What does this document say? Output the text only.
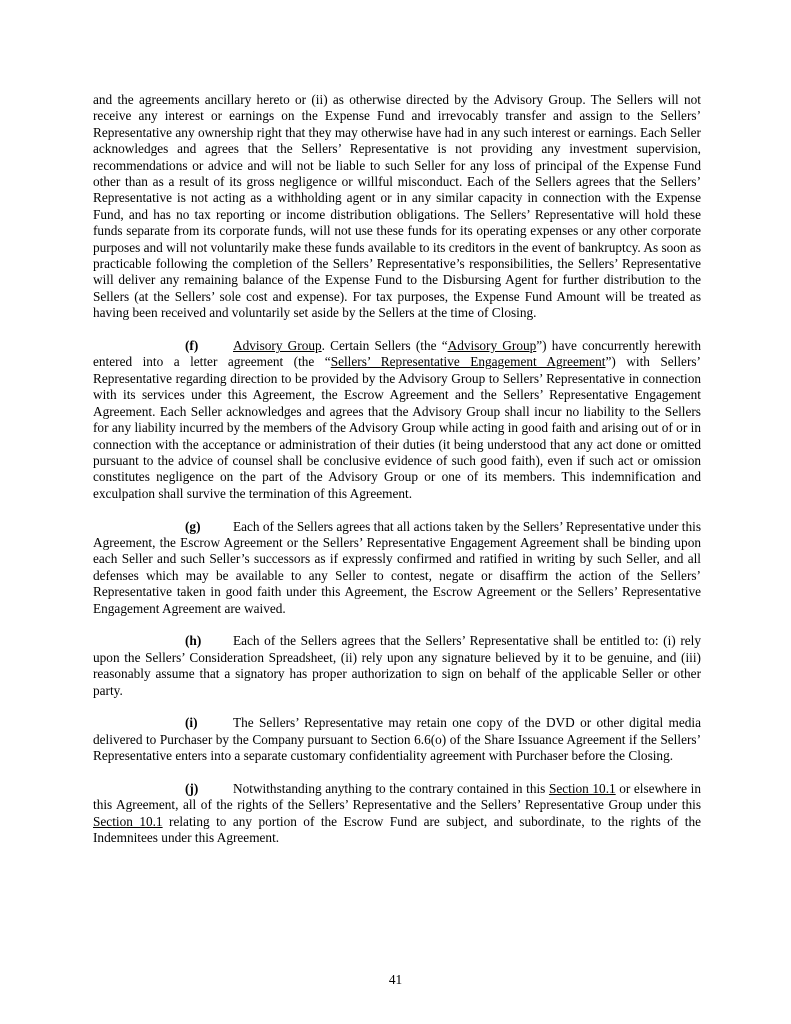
and the agreements ancillary hereto or (ii) as otherwise directed by the Advisory Group. The Sellers will not receive any interest or earnings on the Expense Fund and irrevocably transfer and assign to the Sellers’ Representative any ownership right that they may otherwise have had in any such interest or earnings. Each Seller acknowledges and agrees that the Sellers’ Representative is not providing any investment supervision, recommendations or advice and will not be liable to such Seller for any loss of principal of the Expense Fund other than as a result of its gross negligence or willful misconduct. Each of the Sellers agrees that the Sellers’ Representative is not acting as a withholding agent or in any similar capacity in connection with the Expense Fund, and has no tax reporting or income distribution obligations. The Sellers’ Representative will hold these funds separate from its corporate funds, will not use these funds for its operating expenses or any other corporate purposes and will not voluntarily make these funds available to its creditors in the event of bankruptcy. As soon as practicable following the completion of the Sellers’ Representative’s responsibilities, the Sellers’ Representative will deliver any remaining balance of the Expense Fund to the Disbursing Agent for further distribution to the Sellers (at the Sellers’ sole cost and expense). For tax purposes, the Expense Fund Amount will be treated as having been received and voluntarily set aside by the Sellers at the time of Closing.

(f)	Advisory Group. Certain Sellers (the “Advisory Group”) have concurrently herewith entered into a letter agreement (the “Sellers’ Representative Engagement Agreement”) with Sellers’ Representative regarding direction to be provided by the Advisory Group to Sellers’ Representative in connection with its services under this Agreement, the Escrow Agreement and the Sellers’ Representative Engagement Agreement. Each Seller acknowledges and agrees that the Advisory Group shall incur no liability to the Sellers for any liability incurred by the members of the Advisory Group while acting in good faith and arising out of or in connection with the acceptance or administration of their duties (it being understood that any act done or omitted pursuant to the advice of counsel shall be conclusive evidence of such good faith), even if such act or omission constitutes negligence on the part of the Advisory Group or one of its members. This indemnification and exculpation shall survive the termination of this Agreement.

(g) Each of the Sellers agrees that all actions taken by the Sellers’ Representative under this Agreement, the Escrow Agreement or the Sellers’ Representative Engagement Agreement shall be binding upon each Seller and such Seller’s successors as if expressly confirmed and ratified in writing by such Seller, and all defenses which may be available to any Seller to contest, negate or disaffirm the action of the Sellers’ Representative taken in good faith under this Agreement, the Escrow Agreement or the Sellers’ Representative Engagement Agreement are waived.

(h) Each of the Sellers agrees that the Sellers’ Representative shall be entitled to: (i) rely upon the Sellers’ Consideration Spreadsheet, (ii) rely upon any signature believed by it to be genuine, and (iii) reasonably assume that a signatory has proper authorization to sign on behalf of the applicable Seller or other party.

(i)	The Sellers’ Representative may retain one copy of the DVD or other digital media delivered to Purchaser by the Company pursuant to Section 6.6(o) of the Share Issuance Agreement if the Sellers’ Representative enters into a separate customary confidentiality agreement with Purchaser before the Closing.

(j)	Notwithstanding anything to the contrary contained in this Section 10.1 or elsewhere in this Agreement, all of the rights of the Sellers’ Representative and the Sellers’ Representative Group under this Section 10.1 relating to any portion of the Escrow Fund are subject, and subordinate, to the rights of the Indemnitees under this Agreement.

41
